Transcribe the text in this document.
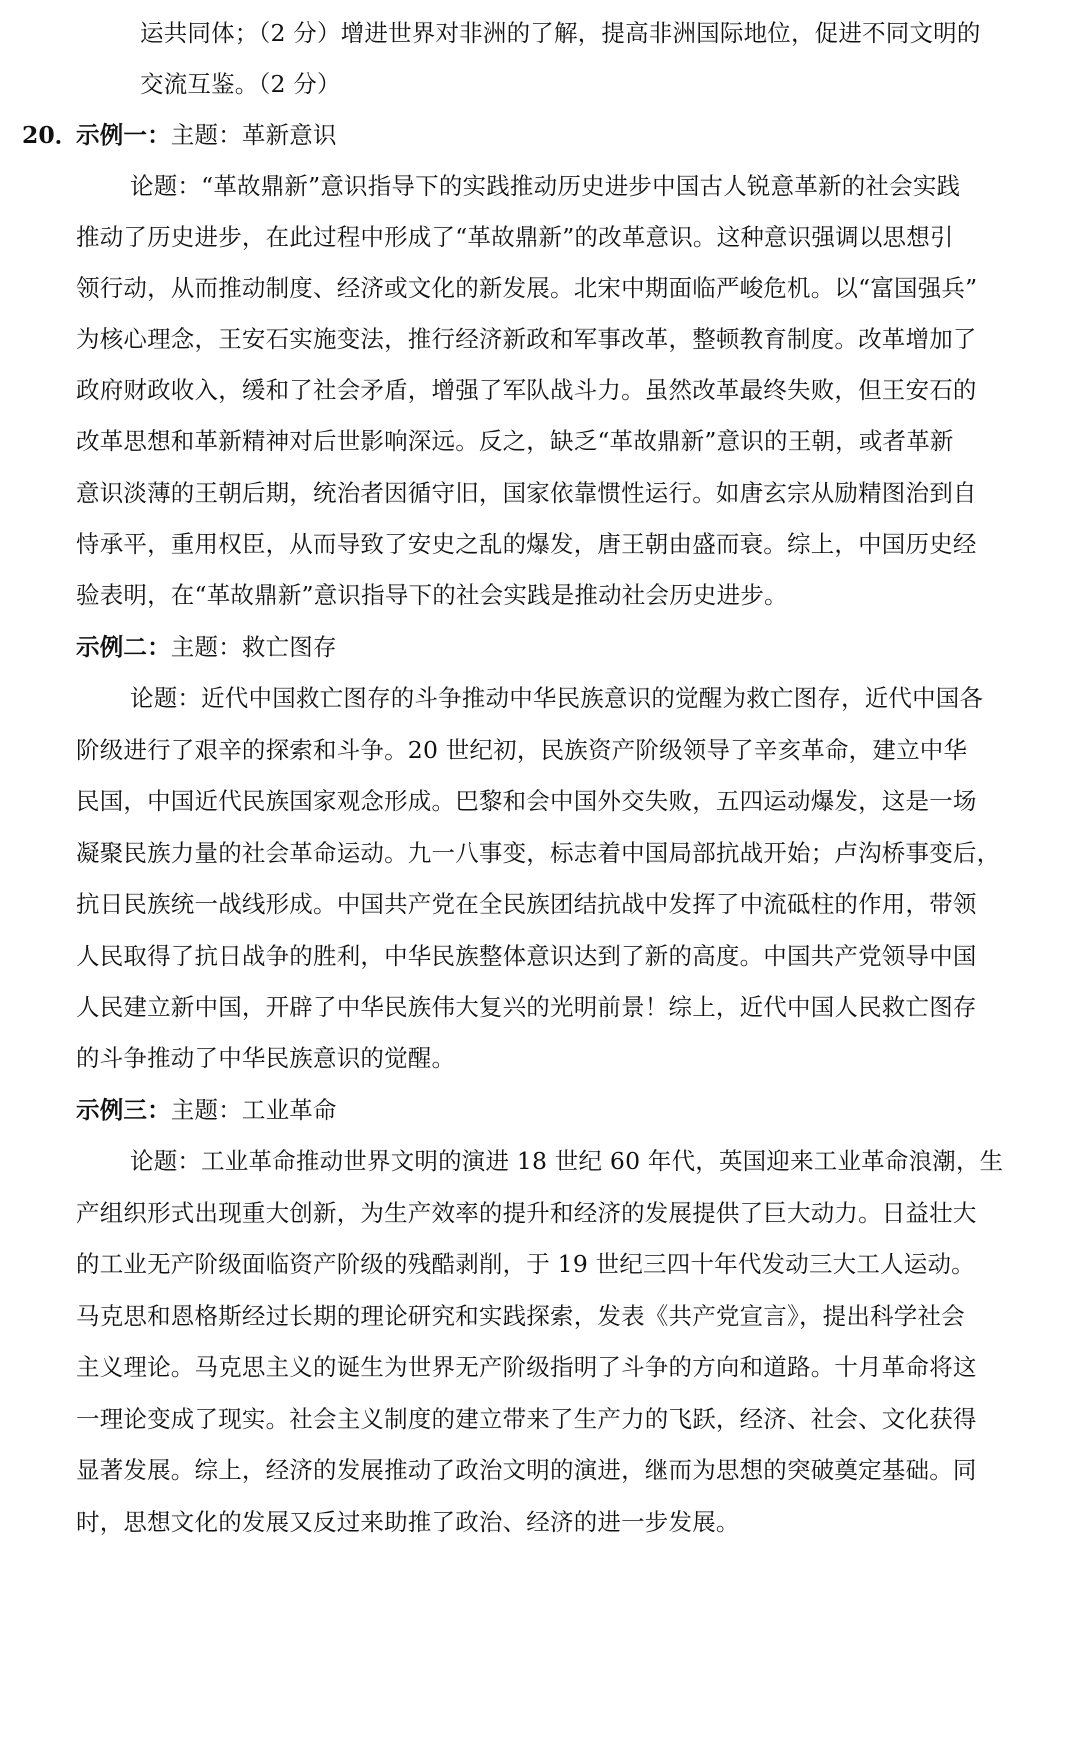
运共同体；（2 分）增进世界对非洲的了解，提高非洲国际地位，促进不同文明的
交流互鉴。（2 分）
20．
示例一：主题：革新意识
论题：“革故鼎新”意识指导下的实践推动历史进步中国古人锐意革新的社会实践
推动了历史进步，在此过程中形成了“革故鼎新”的改革意识。这种意识强调以思想引
领行动，从而推动制度、经济或文化的新发展。北宋中期面临严峻危机。以“富国强兵”
为核心理念，王安石实施变法，推行经济新政和军事改革，整顿教育制度。改革增加了
政府财政收入，缓和了社会矛盾，增强了军队战斗力。虽然改革最终失败，但王安石的
改革思想和革新精神对后世影响深远。反之，缺乏“革故鼎新”意识的王朝，或者革新
意识淡薄的王朝后期，统治者因循守旧，国家依靠惯性运行。如唐玄宗从励精图治到自
恃承平，重用权臣，从而导致了安史之乱的爆发，唐王朝由盛而衰。综上，中国历史经
验表明，在“革故鼎新”意识指导下的社会实践是推动社会历史进步。
示例二：主题：救亡图存
论题：近代中国救亡图存的斗争推动中华民族意识的觉醒为救亡图存，近代中国各
阶级进行了艰辛的探索和斗争。20 世纪初，民族资产阶级领导了辛亥革命，建立中华
民国，中国近代民族国家观念形成。巴黎和会中国外交失败，五四运动爆发，这是一场
凝聚民族力量的社会革命运动。九一八事变，标志着中国局部抗战开始；卢沟桥事变后，
抗日民族统一战线形成。中国共产党在全民族团结抗战中发挥了中流砥柱的作用，带领
人民取得了抗日战争的胜利，中华民族整体意识达到了新的高度。中国共产党领导中国
人民建立新中国，开辟了中华民族伟大复兴的光明前景！综上，近代中国人民救亡图存
的斗争推动了中华民族意识的觉醒。
示例三：主题：工业革命
论题：工业革命推动世界文明的演进 18 世纪 60 年代，英国迎来工业革命浪潮，生
产组织形式出现重大创新，为生产效率的提升和经济的发展提供了巨大动力。日益壮大
的工业无产阶级面临资产阶级的残酷剥削，于 19 世纪三四十年代发动三大工人运动。
马克思和恩格斯经过长期的理论研究和实践探索，发表《共产党宣言》，提出科学社会
主义理论。马克思主义的诞生为世界无产阶级指明了斗争的方向和道路。十月革命将这
一理论变成了现实。社会主义制度的建立带来了生产力的飞跃，经济、社会、文化获得
显著发展。综上，经济的发展推动了政治文明的演进，继而为思想的突破奠定基础。同
时，思想文化的发展又反过来助推了政治、经济的进一步发展。
